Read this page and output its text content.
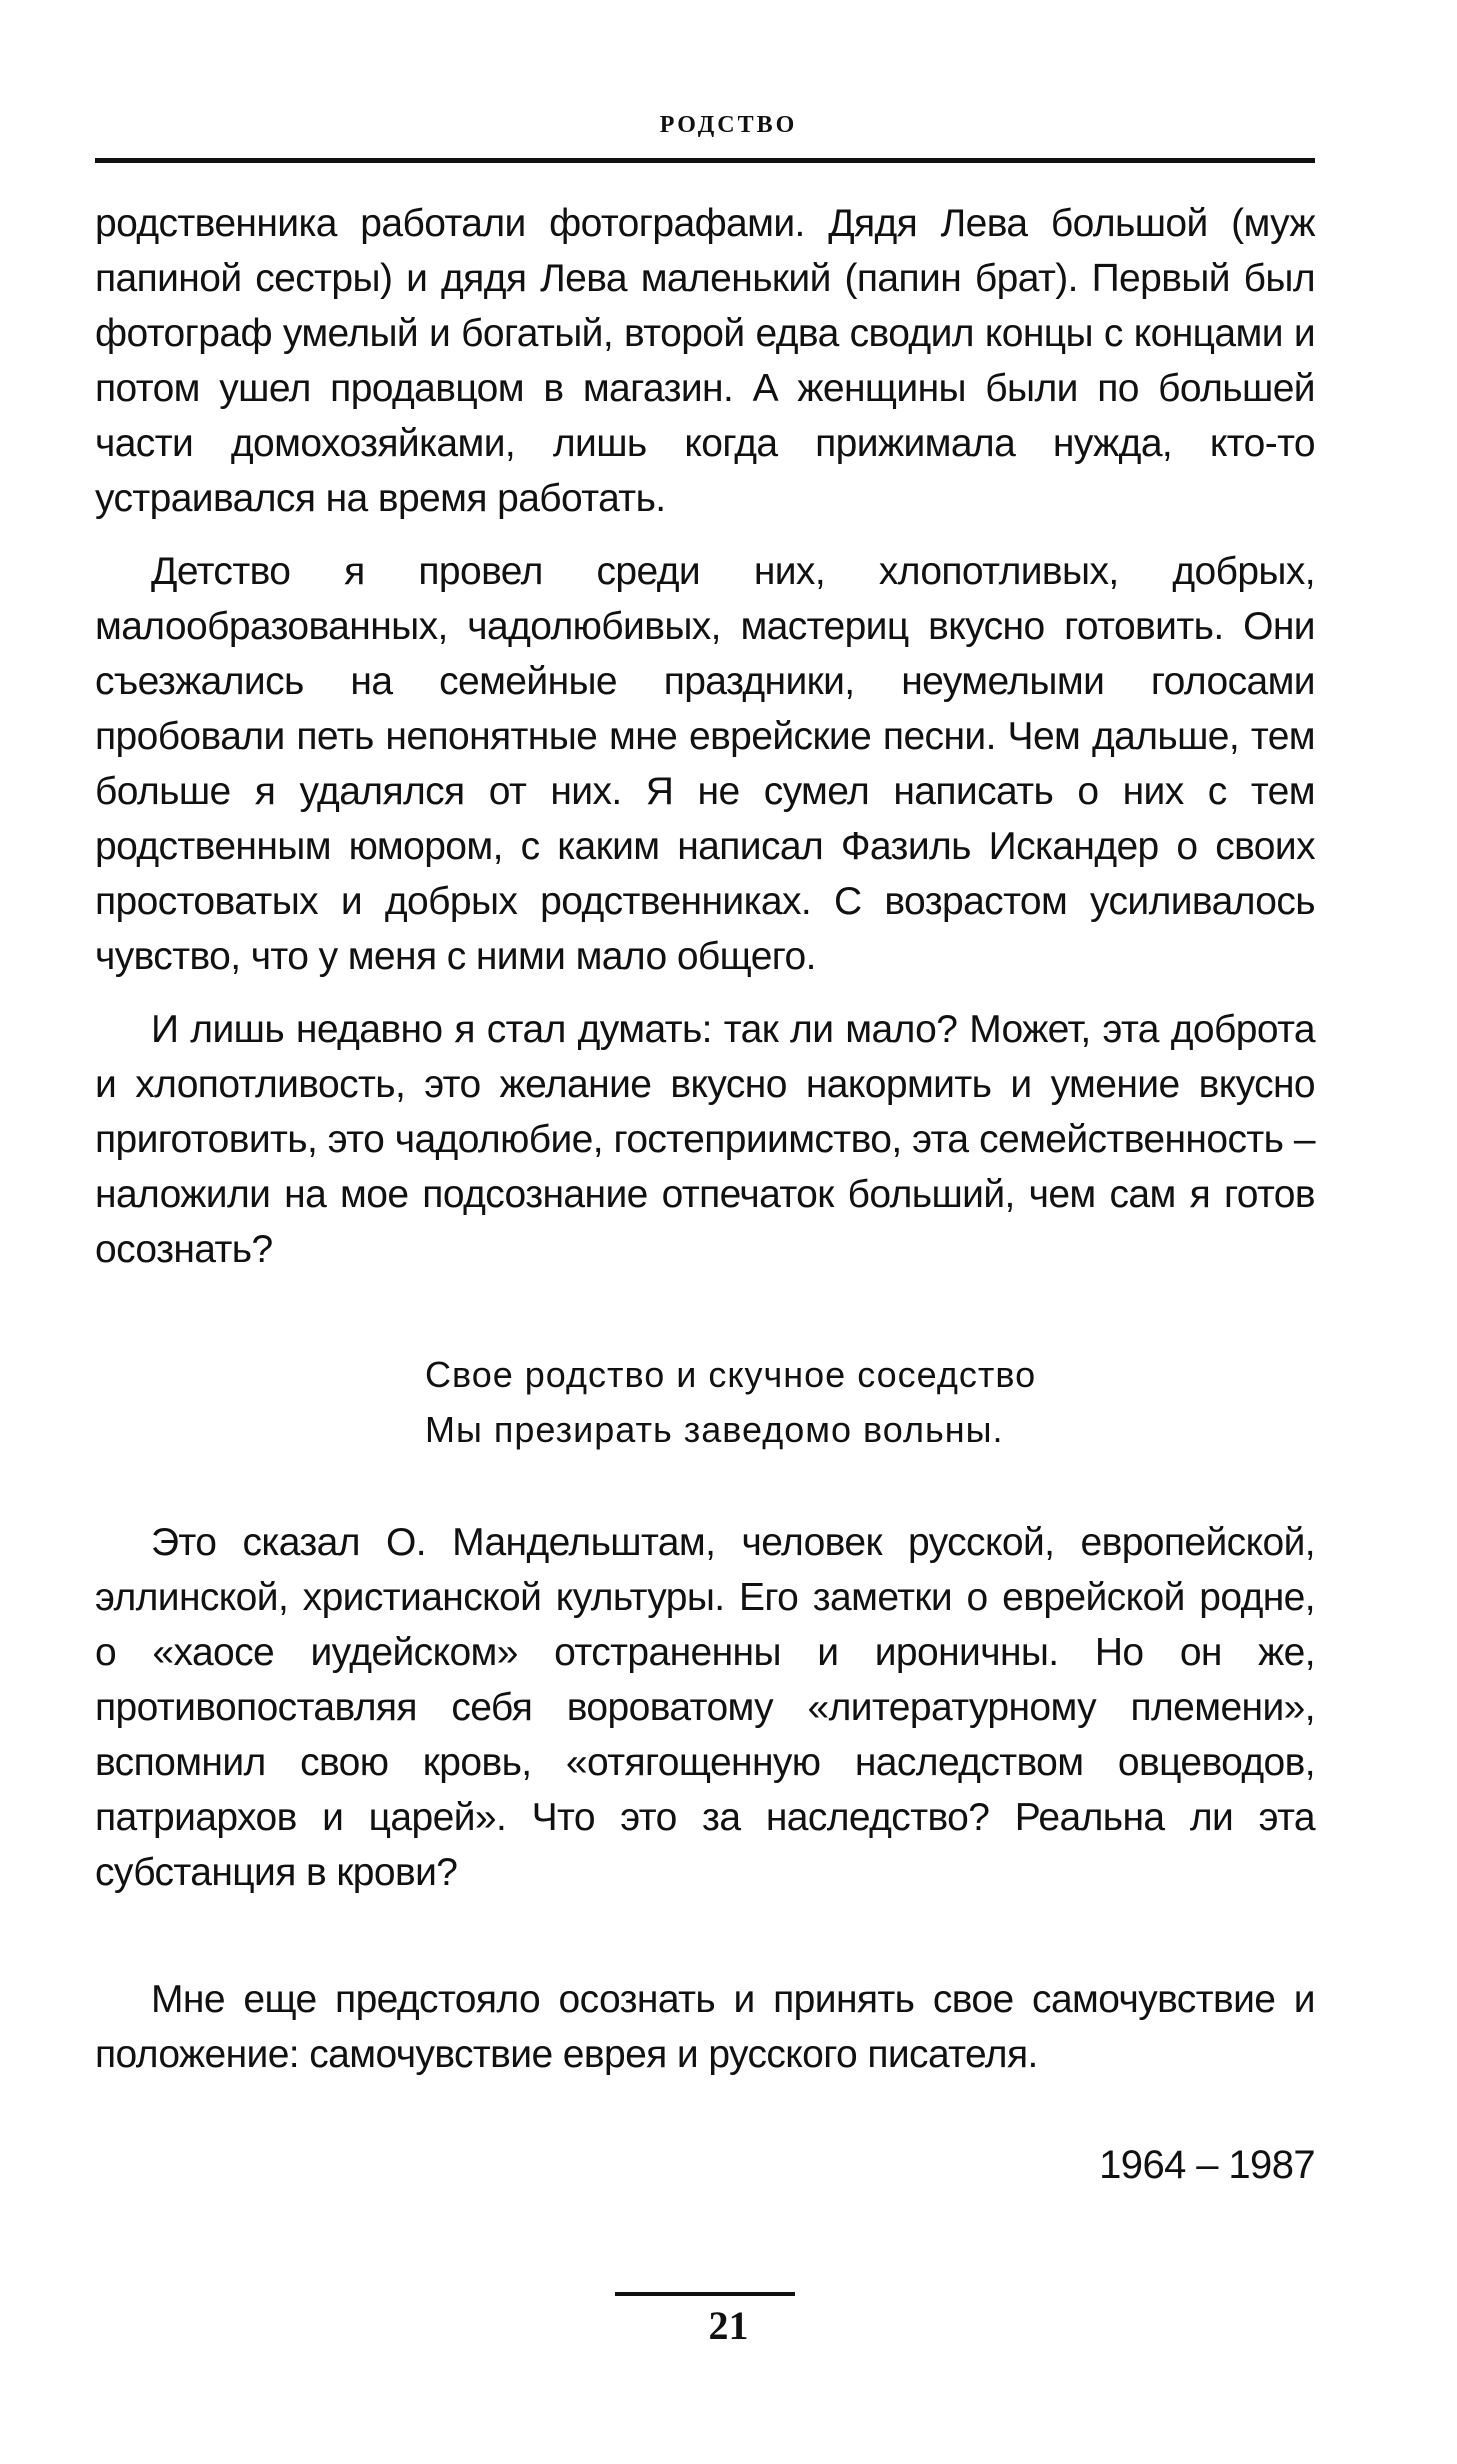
РОДСТВО

родственника работали фотографами. Дядя Лева большой (муж папиной сестры) и дядя Лева маленький (папин брат). Первый был фотограф умелый и богатый, второй едва сводил концы с концами и потом ушел продавцом в магазин. А женщины были по большей части домохозяйками, лишь когда прижимала нужда, кто-то устраивался на время работать.

Детство я провел среди них, хлопотливых, добрых, малообразованных, чадолюбивых, мастериц вкусно готовить. Они съезжались на семейные праздники, неумелыми голосами пробовали петь непонятные мне еврейские песни. Чем дальше, тем больше я удалялся от них. Я не сумел написать о них с тем родственным юмором, с каким написал Фазиль Искандер о своих простоватых и добрых родственниках. С возрастом усиливалось чувство, что у меня с ними мало общего.

И лишь недавно я стал думать: так ли мало? Может, эта доброта и хлопотливость, это желание вкусно накормить и умение вкусно приготовить, это чадолюбие, гостеприимство, эта семейственность – наложили на мое подсознание отпечаток больший, чем сам я готов осознать?

Свое родство и скучное соседство
Мы презирать заведомо вольны.

Это сказал О. Мандельштам, человек русской, европейской, эллинской, христианской культуры. Его заметки о еврейской родне, о «хаосе иудейском» отстраненны и ироничны. Но он же, противопоставляя себя вороватому «литературному племени», вспомнил свою кровь, «отягощенную наследством овцеводов, патриархов и царей». Что это за наследство? Реальна ли эта субстанция в крови?

Мне еще предстояло осознать и принять свое самочувствие и положение: самочувствие еврея и русского писателя.

1964 – 1987

21
